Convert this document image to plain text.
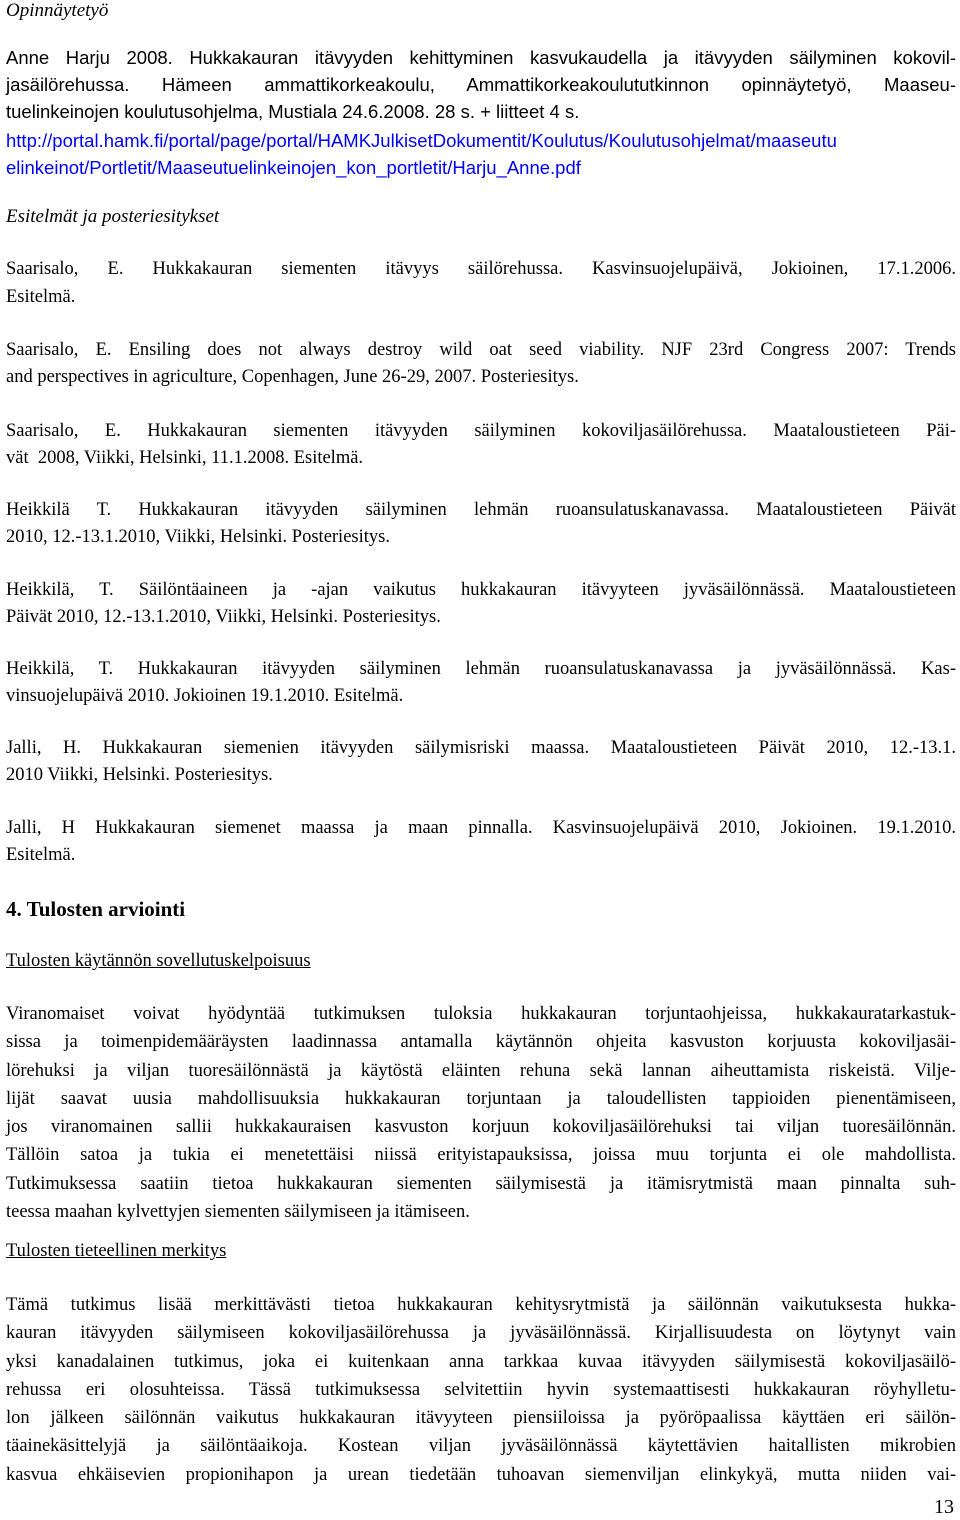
Opinnäytetyö
Anne Harju 2008. Hukkakauran itävyyden kehittyminen kasvukaudella ja itävyyden säilyminen kokovil-
jasäilörehussa. Hämeen ammattikorkeakoulu, Ammattikorkeakoulututkinnon opinnäytetyö, Maaseu-
tuelinkeinojen koulutusohjelma, Mustiala 24.6.2008. 28 s. + liitteet 4 s.
http://portal.hamk.fi/portal/page/portal/HAMKJulkisetDokumentit/Koulutus/Koulutusohjelmat/maaseutu
elinkeinot/Portletit/Maaseutuelinkeinojen_kon_portletit/Harju_Anne.pdf
Esitelmät ja posteriesitykset
Saarisalo, E. Hukkakauran siementen itävyys säilörehussa. Kasvinsuojelupäivä, Jokioinen, 17.1.2006.
Esitelmä.
Saarisalo, E. Ensiling does not always destroy wild oat seed viability. NJF 23rd Congress 2007: Trends
and perspectives in agriculture, Copenhagen, June 26-29, 2007. Posteriesitys.
Saarisalo, E. Hukkakauran siementen itävyyden säilyminen kokoviljasäilörehussa. Maataloustieteen Päi-
vät  2008, Viikki, Helsinki, 11.1.2008. Esitelmä.
Heikkilä T. Hukkakauran itävyyden säilyminen lehmän ruoansulatuskanavassa. Maataloustieteen Päivät
2010, 12.-13.1.2010, Viikki, Helsinki. Posteriesitys.
Heikkilä, T. Säilöntäaineen ja -ajan vaikutus hukkakauran itävyyteen jyväsäilönnässä. Maataloustieteen
Päivät 2010, 12.-13.1.2010, Viikki, Helsinki. Posteriesitys.
Heikkilä, T. Hukkakauran itävyyden säilyminen lehmän ruoansulatuskanavassa ja jyväsäilönnässä. Kas-
vinsuojelupäivä 2010. Jokioinen 19.1.2010. Esitelmä.
Jalli, H. Hukkakauran siemenien itävyyden säilymisriski maassa. Maataloustieteen Päivät 2010, 12.-13.1.
2010 Viikki, Helsinki. Posteriesitys.
Jalli, H Hukkakauran siemenet maassa ja maan pinnalla. Kasvinsuojelupäivä 2010, Jokioinen. 19.1.2010.
Esitelmä.
4. Tulosten arviointi
Tulosten käytännön sovellutuskelpoisuus
Viranomaiset voivat hyödyntää tutkimuksen tuloksia hukkakauran torjuntaohjeissa, hukkakauratarkastuk-
sissa ja toimenpidemääräysten laadinnassa antamalla käytännön ohjeita kasvuston korjuusta kokoviljasäi-
lörehuksi ja viljan tuoresäilönnästä ja käytöstä eläinten rehuna sekä lannan aiheuttamista riskeistä. Vilje-
lijät saavat uusia mahdollisuuksia hukkakauran torjuntaan ja taloudellisten tappioiden pienentämiseen,
jos viranomainen sallii hukkakauraisen kasvuston korjuun kokoviljasäilörehuksi tai viljan tuoresäilönnän.
Tällöin satoa ja tukia ei menetettäisi niissä erityistapauksissa, joissa muu torjunta ei ole mahdollista.
Tutkimuksessa saatiin tietoa hukkakauran siementen säilymisestä ja itämisrytmistä maan pinnalta suh-
teessa maahan kylvettyjen siementen säilymiseen ja itämiseen.
Tulosten tieteellinen merkitys
Tämä tutkimus lisää merkittävästi tietoa hukkakauran kehitysrytmistä ja säilönnän vaikutuksesta hukka-
kauran itävyyden säilymiseen kokoviljasäilörehussa ja jyväsäilönnässä. Kirjallisuudesta on löytynyt vain
yksi kanadalainen tutkimus, joka ei kuitenkaan anna tarkkaa kuvaa itävyyden säilymisestä kokoviljasäilö-
rehussa eri olosuhteissa. Tässä tutkimuksessa selvitettiin hyvin systemaattisesti hukkakauran röyhylletu-
lon jälkeen säilönnän vaikutus hukkakauran itävyyteen piensiiloissa ja pyöröpaalissa käyttäen eri säilön-
täainekäsittelyjä ja säilöntäaikoja. Kostean viljan jyväsäilönnässä käytettävien haitallisten mikrobien
kasvua ehkäisevien propionihapon ja urean tiedetään tuhoavan siemenviljan elinkykyä, mutta niiden vai-
13
